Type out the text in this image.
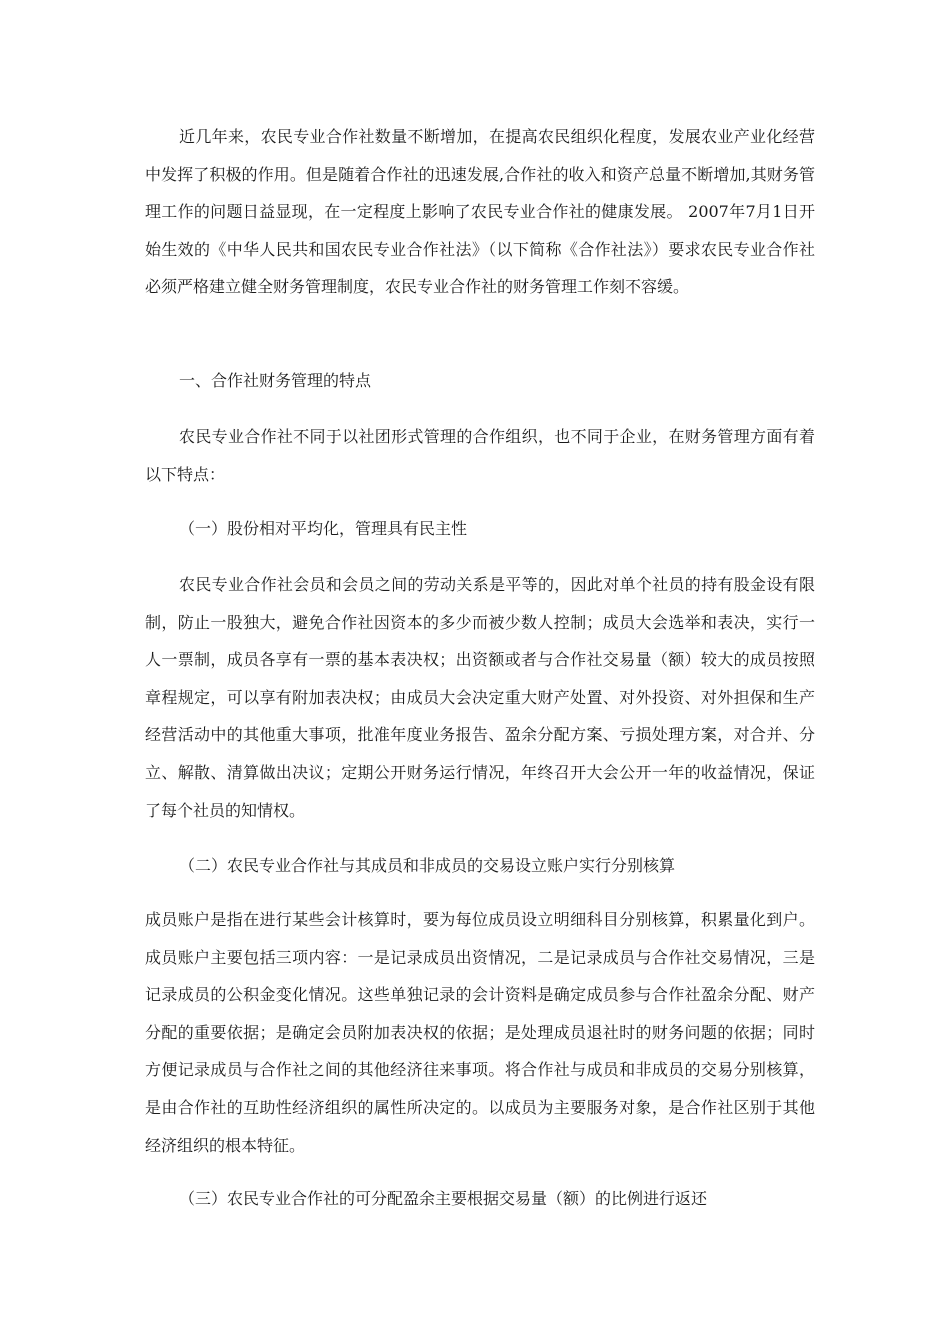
近几年来，农民专业合作社数量不断增加，在提高农民组织化程度，发展农业产业化经营中发挥了积极的作用。但是随着合作社的迅速发展,合作社的收入和资产总量不断增加,其财务管理工作的问题日益显现，在一定程度上影响了农民专业合作社的健康发展。 2007年7月1日开始生效的《中华人民共和国农民专业合作社法》（以下简称《合作社法》）要求农民专业合作社必须严格建立健全财务管理制度，农民专业合作社的财务管理工作刻不容缓。

一、合作社财务管理的特点

农民专业合作社不同于以社团形式管理的合作组织，也不同于企业，在财务管理方面有着以下特点：

（一）股份相对平均化，管理具有民主性

农民专业合作社会员和会员之间的劳动关系是平等的，因此对单个社员的持有股金设有限制，防止一股独大，避免合作社因资本的多少而被少数人控制；成员大会选举和表决，实行一人一票制，成员各享有一票的基本表决权；出资额或者与合作社交易量（额）较大的成员按照章程规定，可以享有附加表决权；由成员大会决定重大财产处置、对外投资、对外担保和生产经营活动中的其他重大事项，批准年度业务报告、盈余分配方案、亏损处理方案，对合并、分立、解散、清算做出决议；定期公开财务运行情况，年终召开大会公开一年的收益情况，保证了每个社员的知情权。

（二）农民专业合作社与其成员和非成员的交易设立账户实行分别核算

成员账户是指在进行某些会计核算时，要为每位成员设立明细科目分别核算，积累量化到户。成员账户主要包括三项内容：一是记录成员出资情况，二是记录成员与合作社交易情况，三是记录成员的公积金变化情况。这些单独记录的会计资料是确定成员参与合作社盈余分配、财产分配的重要依据；是确定会员附加表决权的依据；是处理成员退社时的财务问题的依据；同时方便记录成员与合作社之间的其他经济往来事项。将合作社与成员和非成员的交易分别核算，是由合作社的互助性经济组织的属性所决定的。以成员为主要服务对象，是合作社区别于其他经济组织的根本特征。

（三）农民专业合作社的可分配盈余主要根据交易量（额）的比例进行返还
